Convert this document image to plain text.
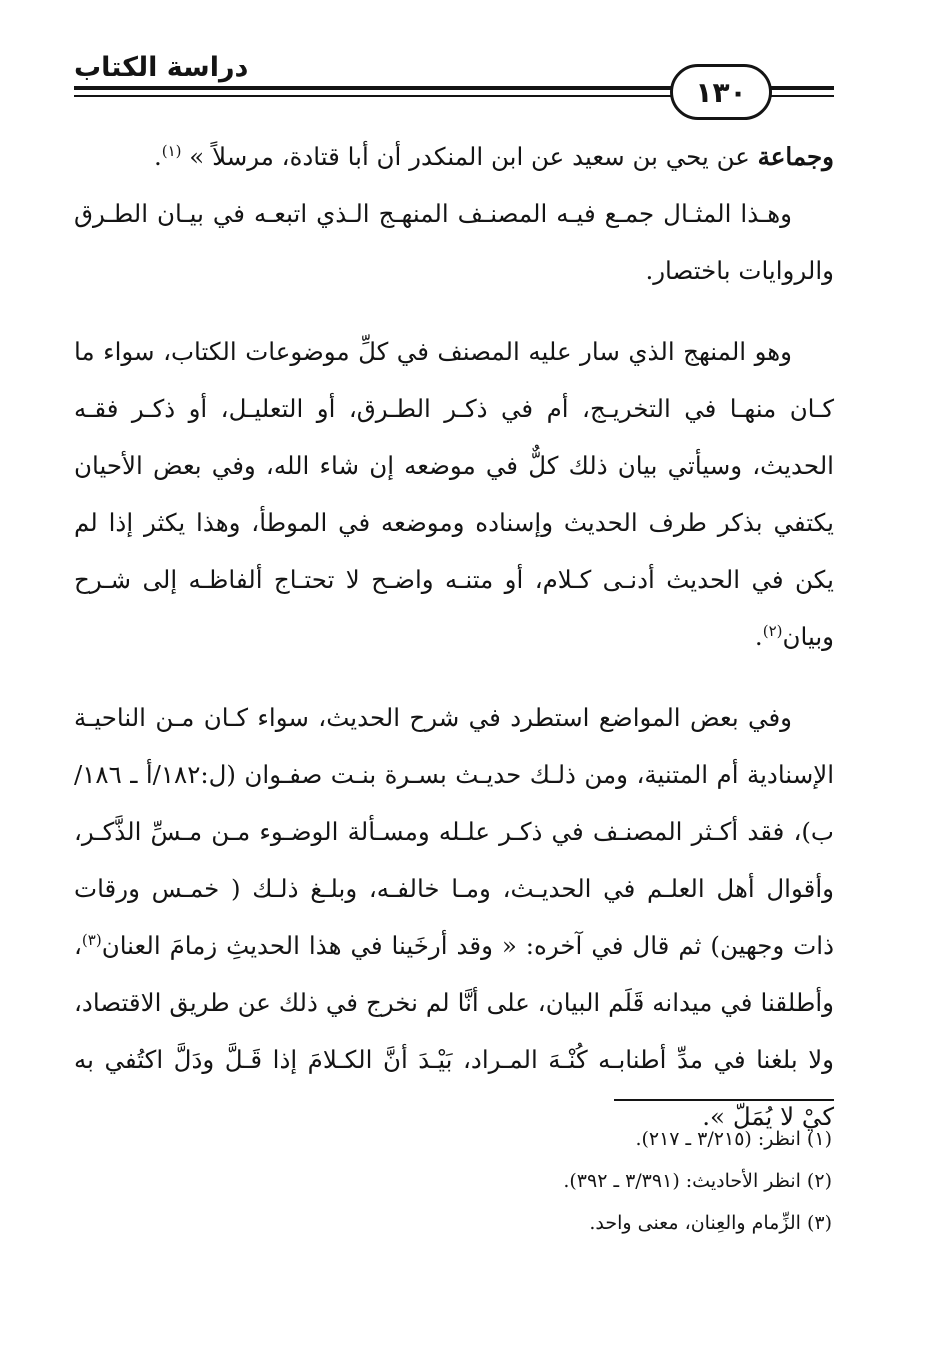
دراسة الكتاب
١٣٠

وجماعة عن يحي بن سعيد عن ابن المنكدر أن أبا قتادة، مرسلاً » $^{(١)}$.

وهـذا المثـال جمـع فيـه المصنـف المنهـج الـذي اتبعـه في بيـان الطـرق والروايات باختصار.

وهو المنهج الذي سار عليه المصنف في كلِّ موضوعات الكتاب، سواء ما كـان منهـا في التخريـج، أم في ذكـر الطـرق، أو التعليـل، أو ذكـر فقـه الحديث، وسيأتي بيان ذلك كلٌّ في موضعه إن شاء الله، وفي بعض الأحيان يكتفي بذكر طرف الحديث وإسناده وموضعه في الموطأ، وهذا يكثر إذا لم يكن في الحديث أدنـى كـلام، أو متنـه واضـح لا تحتـاج ألفاظـه إلى شـرح وبيان$^{(٢)}$.

وفي بعض المواضع استطرد في شرح الحديث، سواء كـان مـن الناحيـة الإسنادية أم المتنية، ومن ذلـك حديـث بسـرة بنـت صفـوان (ل:١٨٢/أ ـ ١٨٦/ب)، فقد أكـثر المصنـف في ذكـر علـله ومسـألة الوضـوء مـن مـسِّ الذَّكـر، وأقوال أهل العلـم في الحديـث، ومـا خالفـه، وبلـغ ذلـك ( خمـس ورقات ذات وجهين) ثم قال في آخره: « وقد أرخَينا في هذا الحديثِ زمامَ العنان$^{(٣)}$، وأطلقنا في ميدانه قَلَم البيان، على أنَّا لم نخرج في ذلك عن طريق الاقتصاد، ولا بلغنا في مدِّ أطنابـه كُنْـهَ المـراد، بَيْـدَ أنَّ الكـلامَ إذا قَـلَّ ودَلَّ اكتُفي به كيْ لا يُمَلّ ».

(١) انظر: (٣/٢١٥ ـ ٢١٧).
(٢) انظر الأحاديث: (٣/٣٩١ ـ ٣٩٢).
(٣) الزِّمام والعِنان، معنى واحد.
